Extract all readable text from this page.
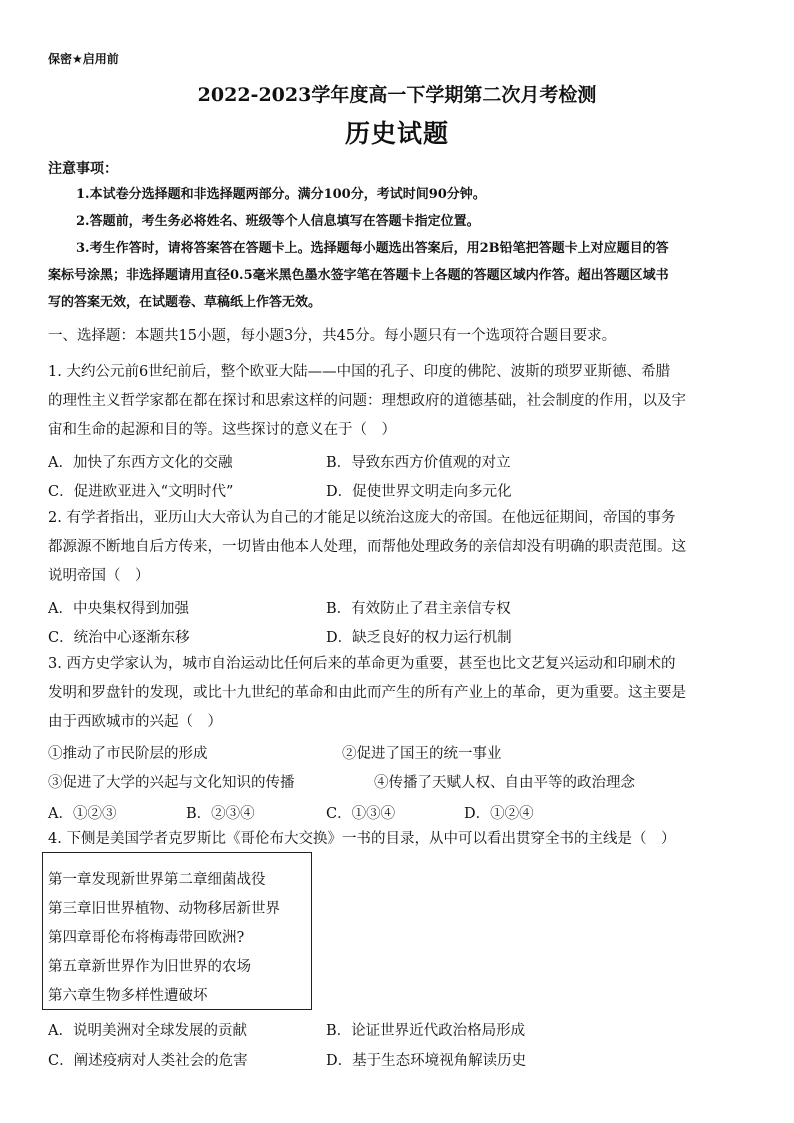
保密★启用前
2022-2023学年度高一下学期第二次月考检测
历史试题
注意事项：
1.本试卷分选择题和非选择题两部分。满分100分，考试时间90分钟。
2.答题前，考生务必将姓名、班级等个人信息填写在答题卡指定位置。
3.考生作答时，请将答案答在答题卡上。选择题每小题选出答案后，用2B铅笔把答题卡上对应题目的答
案标号涂黑；非选择题请用直径0.5毫米黑色墨水签字笔在答题卡上各题的答题区域内作答。超出答题区域书
写的答案无效，在试题卷、草稿纸上作答无效。
一、选择题：本题共15小题，每小题3分，共45分。每小题只有一个选项符合题目要求。
1. 大约公元前6世纪前后，整个欧亚大陆——中国的孔子、印度的佛陀、波斯的琐罗亚斯德、希腊
的理性主义哲学家都在都在探讨和思索这样的问题：理想政府的道德基础，社会制度的作用，以及宇
宙和生命的起源和目的等。这些探讨的意义在于（　）
A．加快了东西方文化的交融	B．导致东西方价值观的对立
C．促进欧亚进入“文明时代”	D．促使世界文明走向多元化
2. 有学者指出，亚历山大大帝认为自己的才能足以统治这庞大的帝国。在他远征期间，帝国的事务
都源源不断地自后方传来，一切皆由他本人处理，而帮他处理政务的亲信却没有明确的职责范围。这
说明帝国（　）
A．中央集权得到加强	B．有效防止了君主亲信专权
C．统治中心逐渐东移	D．缺乏良好的权力运行机制
3. 西方史学家认为，城市自治运动比任何后来的革命更为重要，甚至也比文艺复兴运动和印刷术的
发明和罗盘针的发现，或比十九世纪的革命和由此而产生的所有产业上的革命，更为重要。这主要是
由于西欧城市的兴起（　）
①推动了市民阶层的形成	②促进了国王的统一事业
③促进了大学的兴起与文化知识的传播	④传播了天赋人权、自由平等的政治理念
A．①②③	B．②③④	C．①③④	D．①②④
4. 下侧是美国学者克罗斯比《哥伦布大交换》一书的目录，从中可以看出贯穿全书的主线是（　）
第一章发现新世界第二章细菌战役
第三章旧世界植物、动物移居新世界
第四章哥伦布将梅毒带回欧洲?
第五章新世界作为旧世界的农场
第六章生物多样性遭破坏
A．说明美洲对全球发展的贡献	B．论证世界近代政治格局形成
C．阐述疫病对人类社会的危害	D．基于生态环境视角解读历史
